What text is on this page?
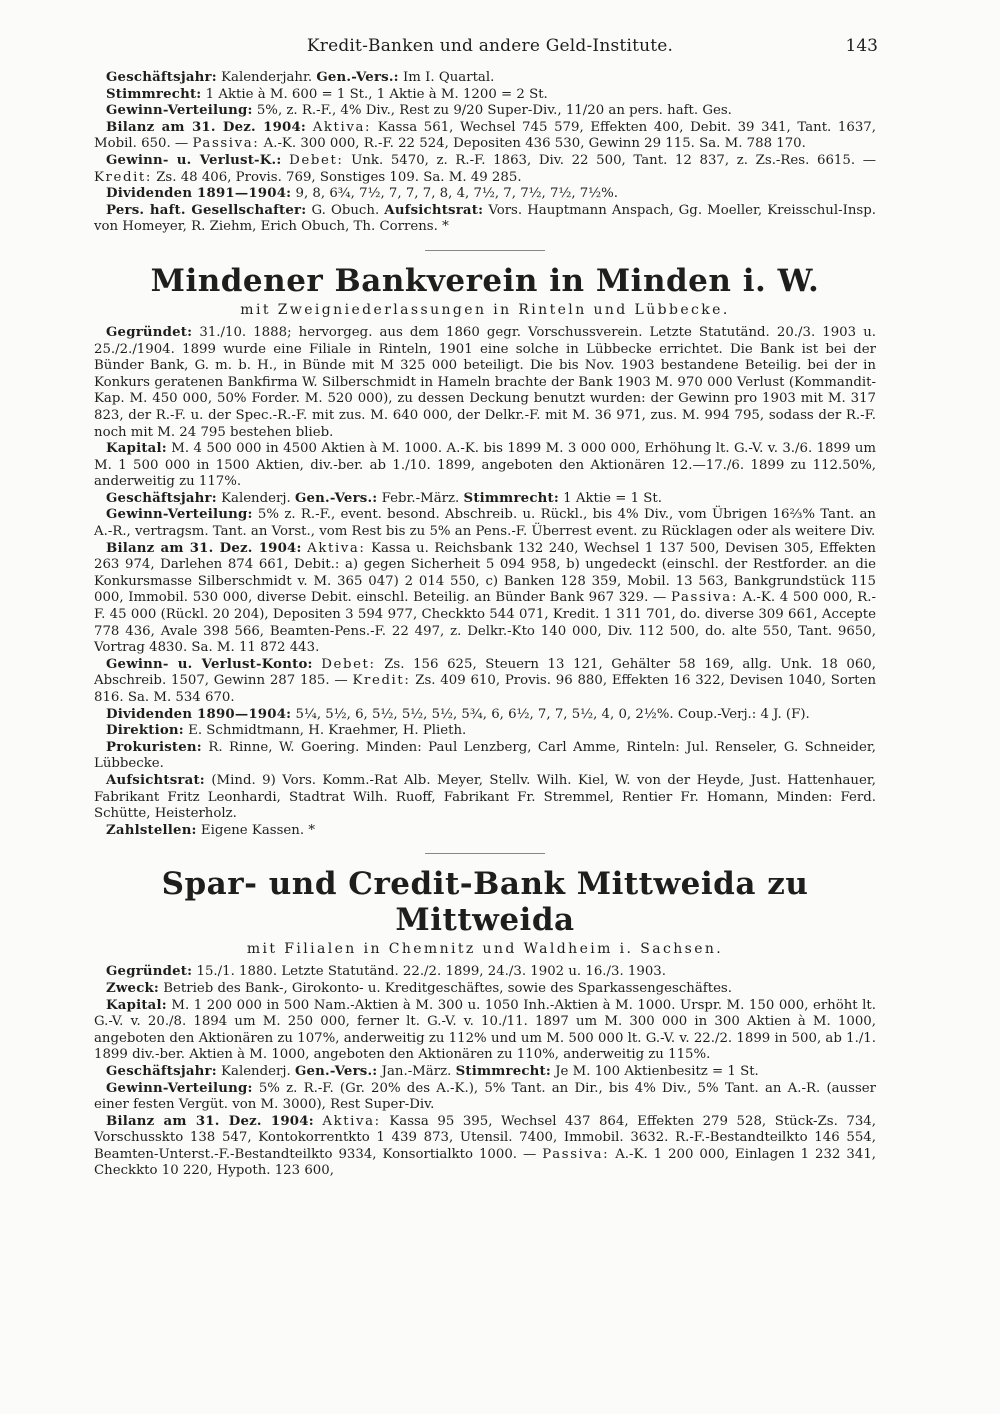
Kredit-Banken und andere Geld-Institute.	143

Geschäftsjahr: Kalenderjahr. Gen.-Vers.: Im I. Quartal.

Stimmrecht: 1 Aktie à M. 600 = 1 St., 1 Aktie à M. 1200 = 2 St.

Gewinn-Verteilung: 5%, z. R.-F., 4% Div., Rest zu 9/20 Super-Div., 11/20 an pers. haft. Ges.

Bilanz am 31. Dez. 1904: Aktiva: Kassa 561, Wechsel 745 579, Effekten 400, Debit. 39 341, Tant. 1637, Mobil. 650. — Passiva: A.-K. 300 000, R.-F. 22 524, Depositen 436 530, Gewinn 29 115. Sa. M. 788 170.

Gewinn- u. Verlust-K.: Debet: Unk. 5470, z. R.-F. 1863, Div. 22 500, Tant. 12 837, z. Zs.-Res. 6615. — Kredit: Zs. 48 406, Provis. 769, Sonstiges 109. Sa. M. 49 285.

Dividenden 1891—1904: 9, 8, 6¾, 7½, 7, 7, 7, 8, 4, 7½, 7, 7½, 7½, 7½%.

Pers. haft. Gesellschafter: G. Obuch. Aufsichtsrat: Vors. Hauptmann Anspach, Gg. Moeller, Kreisschul-Insp. von Homeyer, R. Ziehm, Erich Obuch, Th. Correns. *

Mindener Bankverein in Minden i. W.
mit Zweigniederlassungen in Rinteln und Lübbecke.

Gegründet: 31./10. 1888; hervorgeg. aus dem 1860 gegr. Vorschussverein. Letzte Statutänd. 20./3. 1903 u. 25./2./1904. 1899 wurde eine Filiale in Rinteln, 1901 eine solche in Lübbecke errichtet. Die Bank ist bei der Bünder Bank, G. m. b. H., in Bünde mit M 325 000 beteiligt. Die bis Nov. 1903 bestandene Beteilig. bei der in Konkurs geratenen Bankfirma W. Silberschmidt in Hameln brachte der Bank 1903 M. 970 000 Verlust (Kommandit-Kap. M. 450 000, 50% Forder. M. 520 000), zu dessen Deckung benutzt wurden: der Gewinn pro 1903 mit M. 317 823, der R.-F. u. der Spec.-R.-F. mit zus. M. 640 000, der Delkr.-F. mit M. 36 971, zus. M. 994 795, sodass der R.-F. noch mit M. 24 795 bestehen blieb.

Kapital: M. 4 500 000 in 4500 Aktien à M. 1000. A.-K. bis 1899 M. 3 000 000, Erhöhung lt. G.-V. v. 3./6. 1899 um M. 1 500 000 in 1500 Aktien, div.-ber. ab 1./10. 1899, angeboten den Aktionären 12.—17./6. 1899 zu 112.50%, anderweitig zu 117%.

Geschäftsjahr: Kalenderj. Gen.-Vers.: Febr.-März. Stimmrecht: 1 Aktie = 1 St.

Gewinn-Verteilung: 5% z. R.-F., event. besond. Abschreib. u. Rückl., bis 4% Div., vom Übrigen 16⅔% Tant. an A.-R., vertragsm. Tant. an Vorst., vom Rest bis zu 5% an Pens.-F. Überrest event. zu Rücklagen oder als weitere Div.

Bilanz am 31. Dez. 1904: Aktiva: Kassa u. Reichsbank 132 240, Wechsel 1 137 500, Devisen 305, Effekten 263 974, Darlehen 874 661, Debit.: a) gegen Sicherheit 5 094 958, b) ungedeckt (einschl. der Restforder. an die Konkursmasse Silberschmidt v. M. 365 047) 2 014 550, c) Banken 128 359, Mobil. 13 563, Bankgrundstück 115 000, Immobil. 530 000, diverse Debit. einschl. Beteilig. an Bünder Bank 967 329. — Passiva: A.-K. 4 500 000, R.-F. 45 000 (Rückl. 20 204), Depositen 3 594 977, Checkkto 544 071, Kredit. 1 311 701, do. diverse 309 661, Accepte 778 436, Avale 398 566, Beamten-Pens.-F. 22 497, z. Delkr.-Kto 140 000, Div. 112 500, do. alte 550, Tant. 9650, Vortrag 4830. Sa. M. 11 872 443.

Gewinn- u. Verlust-Konto: Debet: Zs. 156 625, Steuern 13 121, Gehälter 58 169, allg. Unk. 18 060, Abschreib. 1507, Gewinn 287 185. — Kredit: Zs. 409 610, Provis. 96 880, Effekten 16 322, Devisen 1040, Sorten 816. Sa. M. 534 670.

Dividenden 1890—1904: 5¼, 5½, 6, 5½, 5½, 5½, 5¾, 6, 6½, 7, 7, 5½, 4, 0, 2½%. Coup.-Verj.: 4 J. (F).

Direktion: E. Schmidtmann, H. Kraehmer, H. Plieth.

Prokuristen: R. Rinne, W. Goering. Minden: Paul Lenzberg, Carl Amme, Rinteln: Jul. Renseler, G. Schneider, Lübbecke.

Aufsichtsrat: (Mind. 9) Vors. Komm.-Rat Alb. Meyer, Stellv. Wilh. Kiel, W. von der Heyde, Just. Hattenhauer, Fabrikant Fritz Leonhardi, Stadtrat Wilh. Ruoff, Fabrikant Fr. Stremmel, Rentier Fr. Homann, Minden: Ferd. Schütte, Heisterholz.

Zahlstellen: Eigene Kassen. *

Spar- und Credit-Bank Mittweida zu Mittweida
mit Filialen in Chemnitz und Waldheim i. Sachsen.

Gegründet: 15./1. 1880. Letzte Statutänd. 22./2. 1899, 24./3. 1902 u. 16./3. 1903.

Zweck: Betrieb des Bank-, Girokonto- u. Kreditgeschäftes, sowie des Sparkassengeschäftes.

Kapital: M. 1 200 000 in 500 Nam.-Aktien à M. 300 u. 1050 Inh.-Aktien à M. 1000. Urspr. M. 150 000, erhöht lt. G.-V. v. 20./8. 1894 um M. 250 000, ferner lt. G.-V. v. 10./11. 1897 um M. 300 000 in 300 Aktien à M. 1000, angeboten den Aktionären zu 107%, anderweitig zu 112% und um M. 500 000 lt. G.-V. v. 22./2. 1899 in 500, ab 1./1. 1899 div.-ber. Aktien à M. 1000, angeboten den Aktionären zu 110%, anderweitig zu 115%.

Geschäftsjahr: Kalenderj. Gen.-Vers.: Jan.-März. Stimmrecht: Je M. 100 Aktienbesitz = 1 St.

Gewinn-Verteilung: 5% z. R.-F. (Gr. 20% des A.-K.), 5% Tant. an Dir., bis 4% Div., 5% Tant. an A.-R. (ausser einer festen Vergüt. von M. 3000), Rest Super-Div.

Bilanz am 31. Dez. 1904: Aktiva: Kassa 95 395, Wechsel 437 864, Effekten 279 528, Stück-Zs. 734, Vorschusskto 138 547, Kontokorrentkto 1 439 873, Utensil. 7400, Immobil. 3632. R.-F.-Bestandteilkto 146 554, Beamten-Unterst.-F.-Bestandteilkto 9334, Konsortialkto 1000. — Passiva: A.-K. 1 200 000, Einlagen 1 232 341, Checkkto 10 220, Hypoth. 123 600,
